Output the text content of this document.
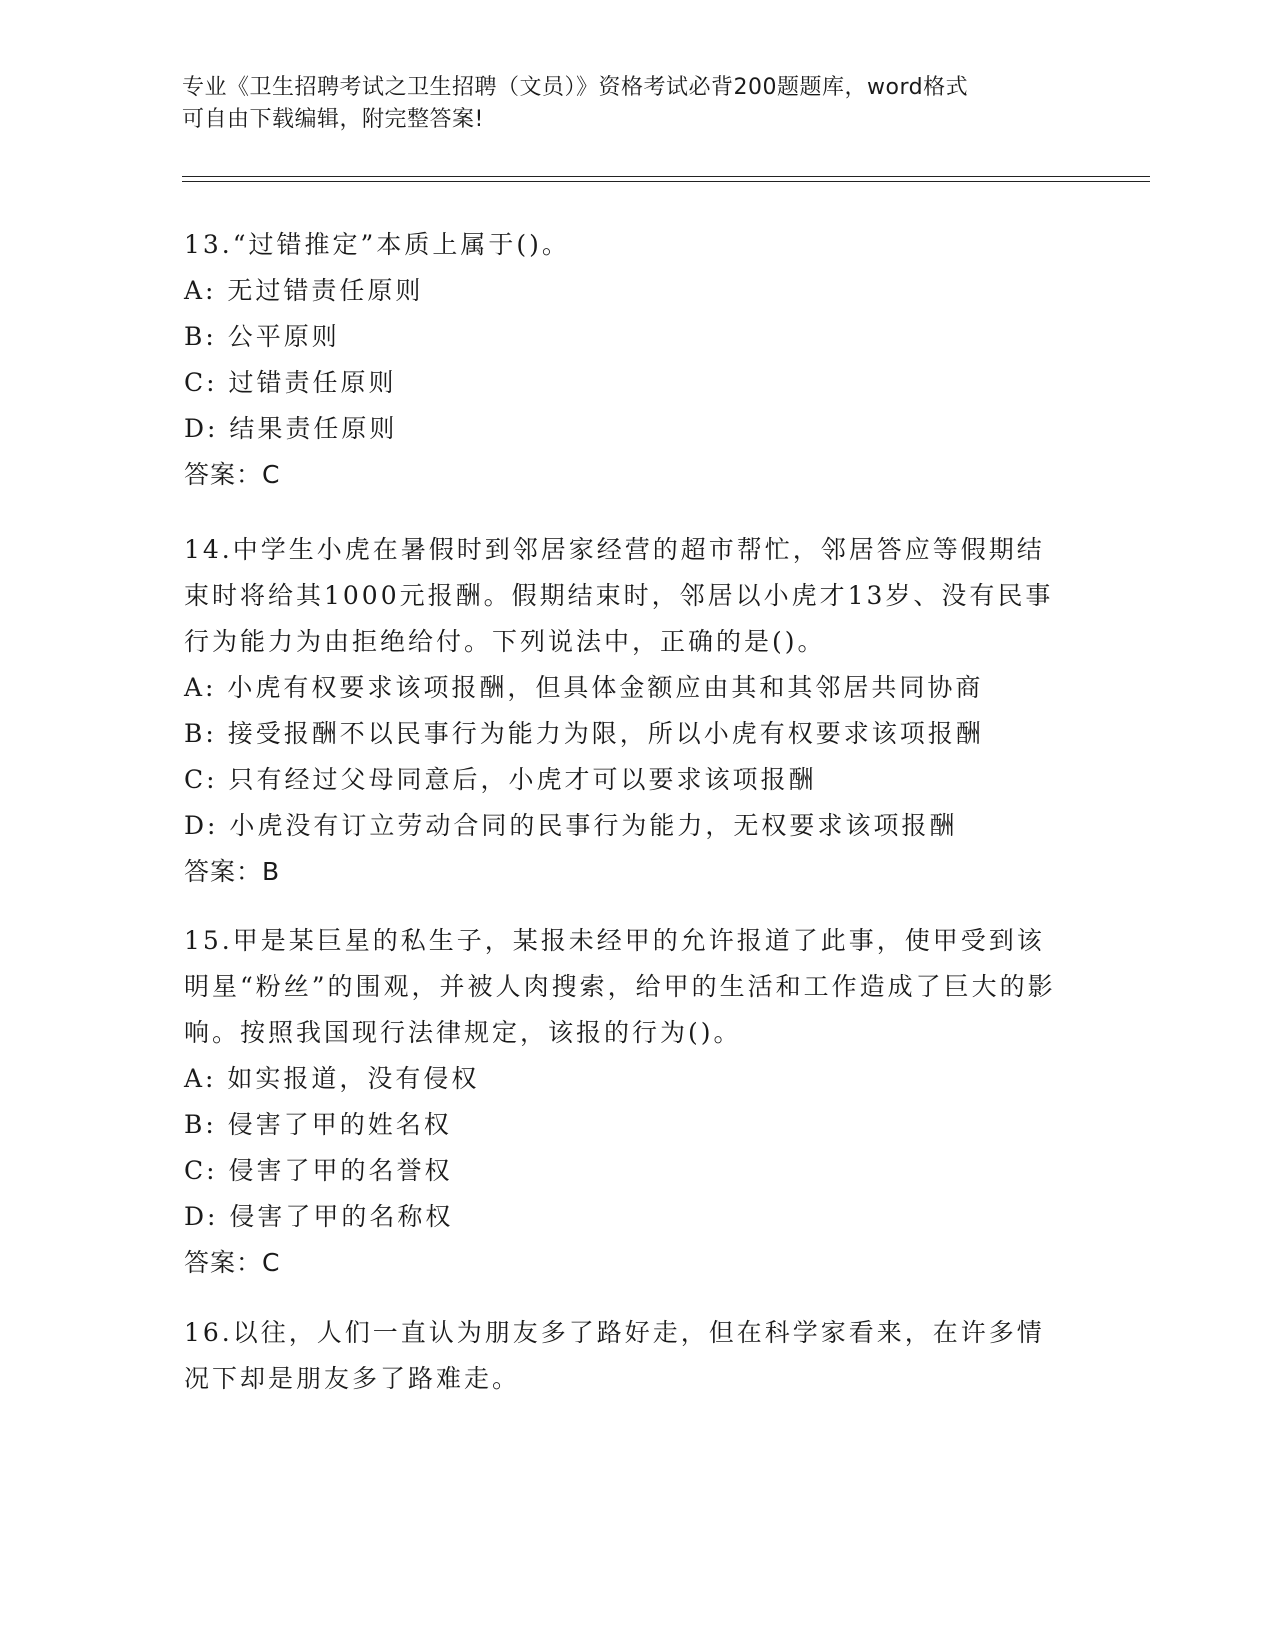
专业《卫生招聘考试之卫生招聘（文员）》资格考试必背200题题库，word格式
可自由下载编辑，附完整答案!

13.“过错推定”本质上属于()。

A: 无过错责任原则

B: 公平原则

C: 过错责任原则

D: 结果责任原则

答案：C

14.中学生小虎在暑假时到邻居家经营的超市帮忙，邻居答应等假期结束时将给其1000元报酬。假期结束时，邻居以小虎才13岁、没有民事行为能力为由拒绝给付。下列说法中，正确的是()。

A: 小虎有权要求该项报酬，但具体金额应由其和其邻居共同协商

B: 接受报酬不以民事行为能力为限，所以小虎有权要求该项报酬

C: 只有经过父母同意后，小虎才可以要求该项报酬

D: 小虎没有订立劳动合同的民事行为能力，无权要求该项报酬

答案：B

15.甲是某巨星的私生子，某报未经甲的允许报道了此事，使甲受到该明星“粉丝”的围观，并被人肉搜索，给甲的生活和工作造成了巨大的影响。按照我国现行法律规定，该报的行为()。

A: 如实报道，没有侵权

B: 侵害了甲的姓名权

C: 侵害了甲的名誉权

D: 侵害了甲的名称权

答案：C

16.以往，人们一直认为朋友多了路好走，但在科学家看来，在许多情况下却是朋友多了路难走。
